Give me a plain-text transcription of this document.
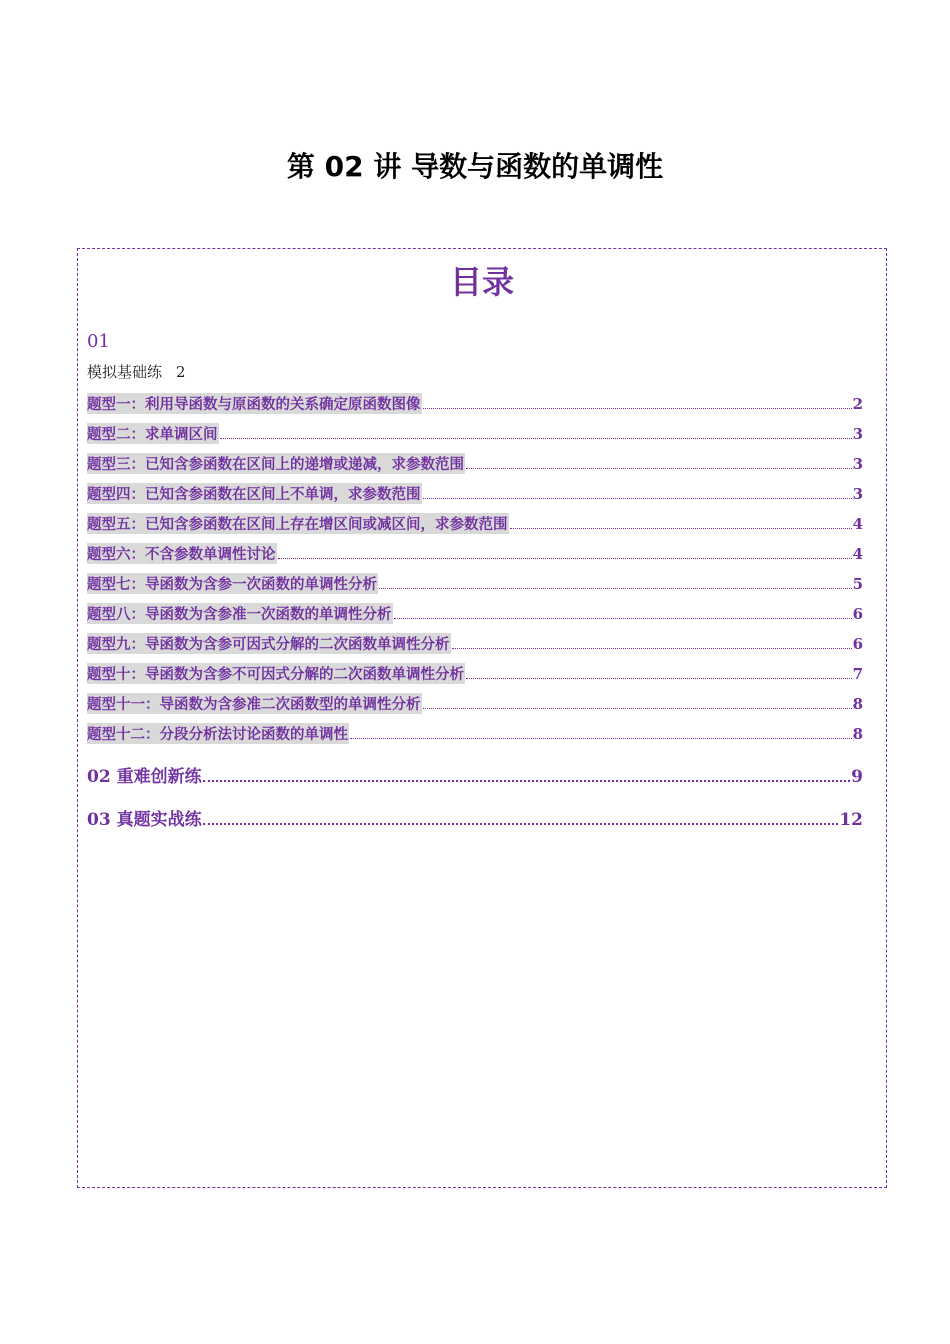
第 02 讲 导数与函数的单调性
目录
01
模拟基础练 2
题型一：利用导函数与原函数的关系确定原函数图像	2
题型二：求单调区间	3
题型三：已知含参函数在区间上的递增或递减，求参数范围	3
题型四：已知含参函数在区间上不单调，求参数范围	3
题型五：已知含参函数在区间上存在增区间或减区间，求参数范围	4
题型六：不含参数单调性讨论	4
题型七：导函数为含参一次函数的单调性分析	5
题型八：导函数为含参准一次函数的单调性分析	6
题型九：导函数为含参可因式分解的二次函数单调性分析	6
题型十：导函数为含参不可因式分解的二次函数单调性分析	7
题型十一：导函数为含参准二次函数型的单调性分析	8
题型十二：分段分析法讨论函数的单调性	8
02 重难创新练	9
03 真题实战练	12
